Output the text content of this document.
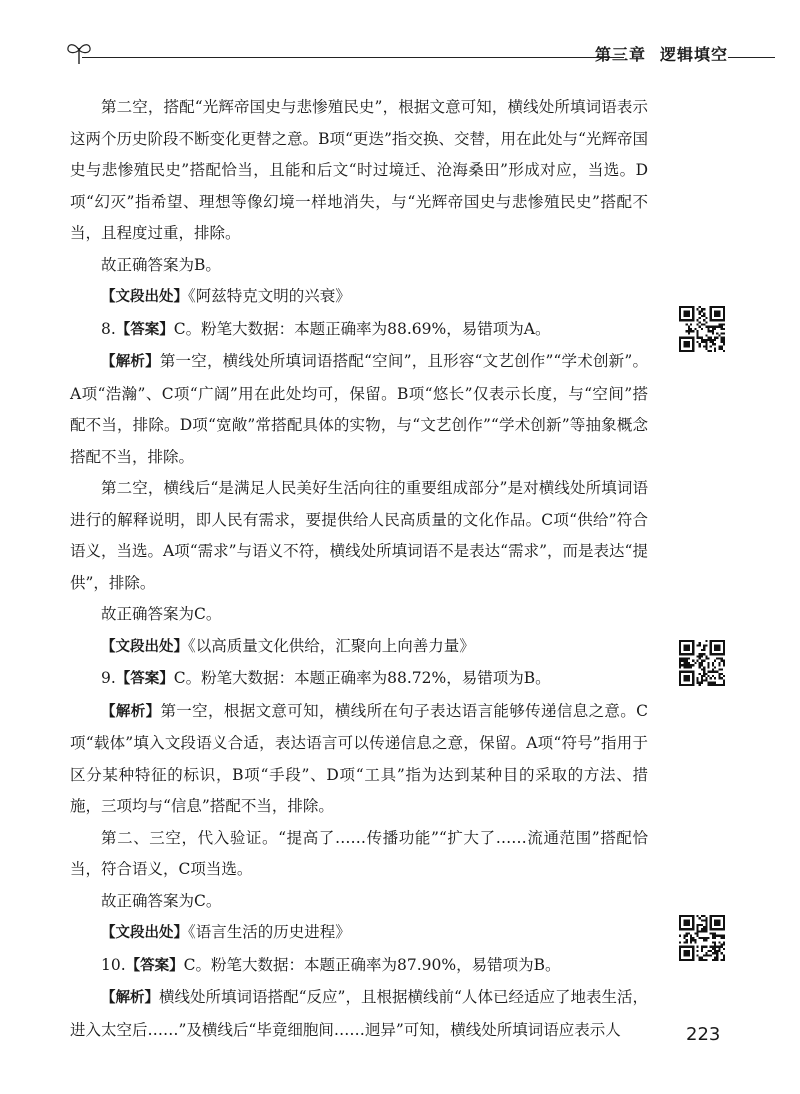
第三章 逻辑填空

第二空，搭配“光辉帝国史与悲惨殖民史”，根据文意可知，横线处所填词语表示这两个历史阶段不断变化更替之意。B项“更迭”指交换、交替，用在此处与“光辉帝国史与悲惨殖民史”搭配恰当，且能和后文“时过境迁、沧海桑田”形成对应，当选。D项“幻灭”指希望、理想等像幻境一样地消失，与“光辉帝国史与悲惨殖民史”搭配不当，且程度过重，排除。

故正确答案为B。

【文段出处】《阿兹特克文明的兴衰》

8.【答案】C。粉笔大数据：本题正确率为88.69%，易错项为A。

【解析】第一空，横线处所填词语搭配“空间”，且形容“文艺创作”“学术创新”。A项“浩瀚”、C项“广阔”用在此处均可，保留。B项“悠长”仅表示长度，与“空间”搭配不当，排除。D项“宽敞”常搭配具体的实物，与“文艺创作”“学术创新”等抽象概念搭配不当，排除。

第二空，横线后“是满足人民美好生活向往的重要组成部分”是对横线处所填词语进行的解释说明，即人民有需求，要提供给人民高质量的文化作品。C项“供给”符合语义，当选。A项“需求”与语义不符，横线处所填词语不是表达“需求”，而是表达“提供”，排除。

故正确答案为C。

【文段出处】《以高质量文化供给，汇聚向上向善力量》

9.【答案】C。粉笔大数据：本题正确率为88.72%，易错项为B。

【解析】第一空，根据文意可知，横线所在句子表达语言能够传递信息之意。C项“载体”填入文段语义合适，表达语言可以传递信息之意，保留。A项“符号”指用于区分某种特征的标识，B项“手段”、D项“工具”指为达到某种目的采取的方法、措施，三项均与“信息”搭配不当，排除。

第二、三空，代入验证。“提高了……传播功能”“扩大了……流通范围”搭配恰当，符合语义，C项当选。

故正确答案为C。

【文段出处】《语言生活的历史进程》

10.【答案】C。粉笔大数据：本题正确率为87.90%，易错项为B。

【解析】横线处所填词语搭配“反应”，且根据横线前“人体已经适应了地表生活，进入太空后……”及横线后“毕竟细胞间……迥异”可知，横线处所填词语应表示人	223
